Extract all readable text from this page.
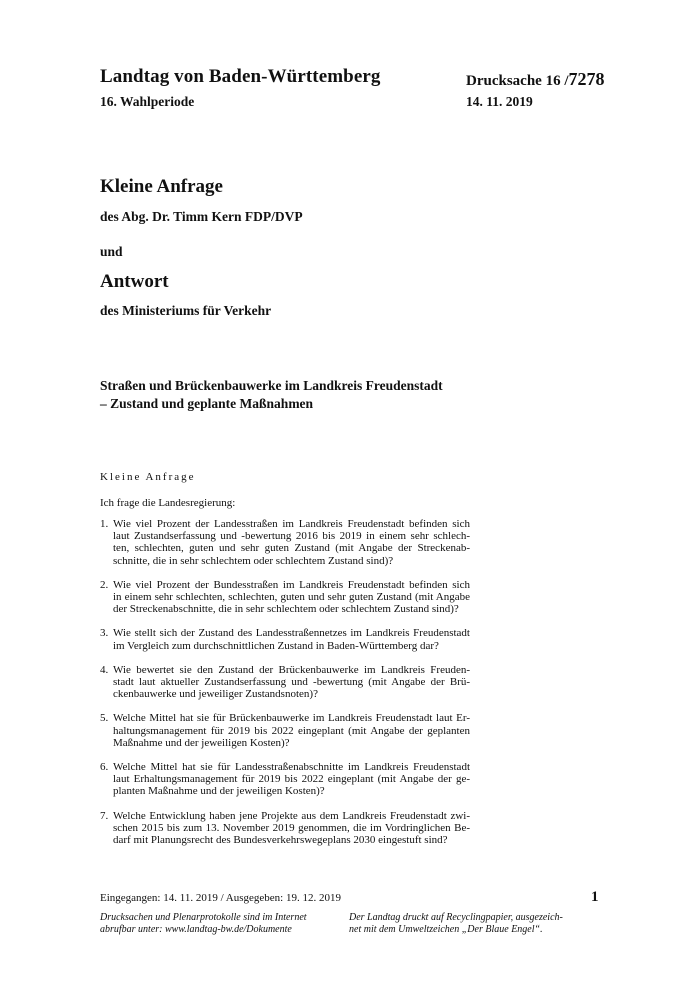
Landtag von Baden-Württemberg	Drucksache 16 /7278
16. Wahlperiode	14. 11. 2019
Kleine Anfrage
des Abg. Dr. Timm Kern FDP/DVP
und
Antwort
des Ministeriums für Verkehr
Straßen und Brückenbauwerke im Landkreis Freudenstadt
– Zustand und geplante Maßnahmen
Kleine Anfrage
Ich frage die Landesregierung:
1. Wie viel Prozent der Landesstraßen im Landkreis Freudenstadt befinden sich
laut Zustandserfassung und -bewertung 2016 bis 2019 in einem sehr schlech-
ten, schlechten, guten und sehr guten Zustand (mit Angabe der Streckenab-
schnitte, die in sehr schlechtem oder schlechtem Zustand sind)?
2. Wie viel Prozent der Bundesstraßen im Landkreis Freudenstadt befinden sich
in einem sehr schlechten, schlechten, guten und sehr guten Zustand (mit Angabe
der Streckenabschnitte, die in sehr schlechtem oder schlechtem Zustand sind)?
3. Wie stellt sich der Zustand des Landesstraßennetzes im Landkreis Freudenstadt
im Vergleich zum durchschnittlichen Zustand in Baden-Württemberg dar?
4. Wie bewertet sie den Zustand der Brückenbauwerke im Landkreis Freuden-
stadt laut aktueller Zustandserfassung und -bewertung (mit Angabe der Brü-
ckenbauwerke und jeweiliger Zustandsnoten)?
5. Welche Mittel hat sie für Brückenbauwerke im Landkreis Freudenstadt laut Er-
haltungsmanagement für 2019 bis 2022 eingeplant (mit Angabe der geplanten
Maßnahme und der jeweiligen Kosten)?
6. Welche Mittel hat sie für Landesstraßenabschnitte im Landkreis Freudenstadt
laut Erhaltungsmanagement für 2019 bis 2022 eingeplant (mit Angabe der ge-
planten Maßnahme und der jeweiligen Kosten)?
7. Welche Entwicklung haben jene Projekte aus dem Landkreis Freudenstadt zwi-
schen 2015 bis zum 13. November 2019 genommen, die im Vordringlichen Be-
darf mit Planungsrecht des Bundesverkehrswegeplans 2030 eingestuft sind?
Eingegangen: 14. 11. 2019 / Ausgegeben: 19. 12. 2019	1
Drucksachen und Plenarprotokolle sind im Internet
abrufbar unter: www.landtag-bw.de/Dokumente
Der Landtag druckt auf Recyclingpapier, ausgezeich-
net mit dem Umweltzeichen „Der Blaue Engel“.
